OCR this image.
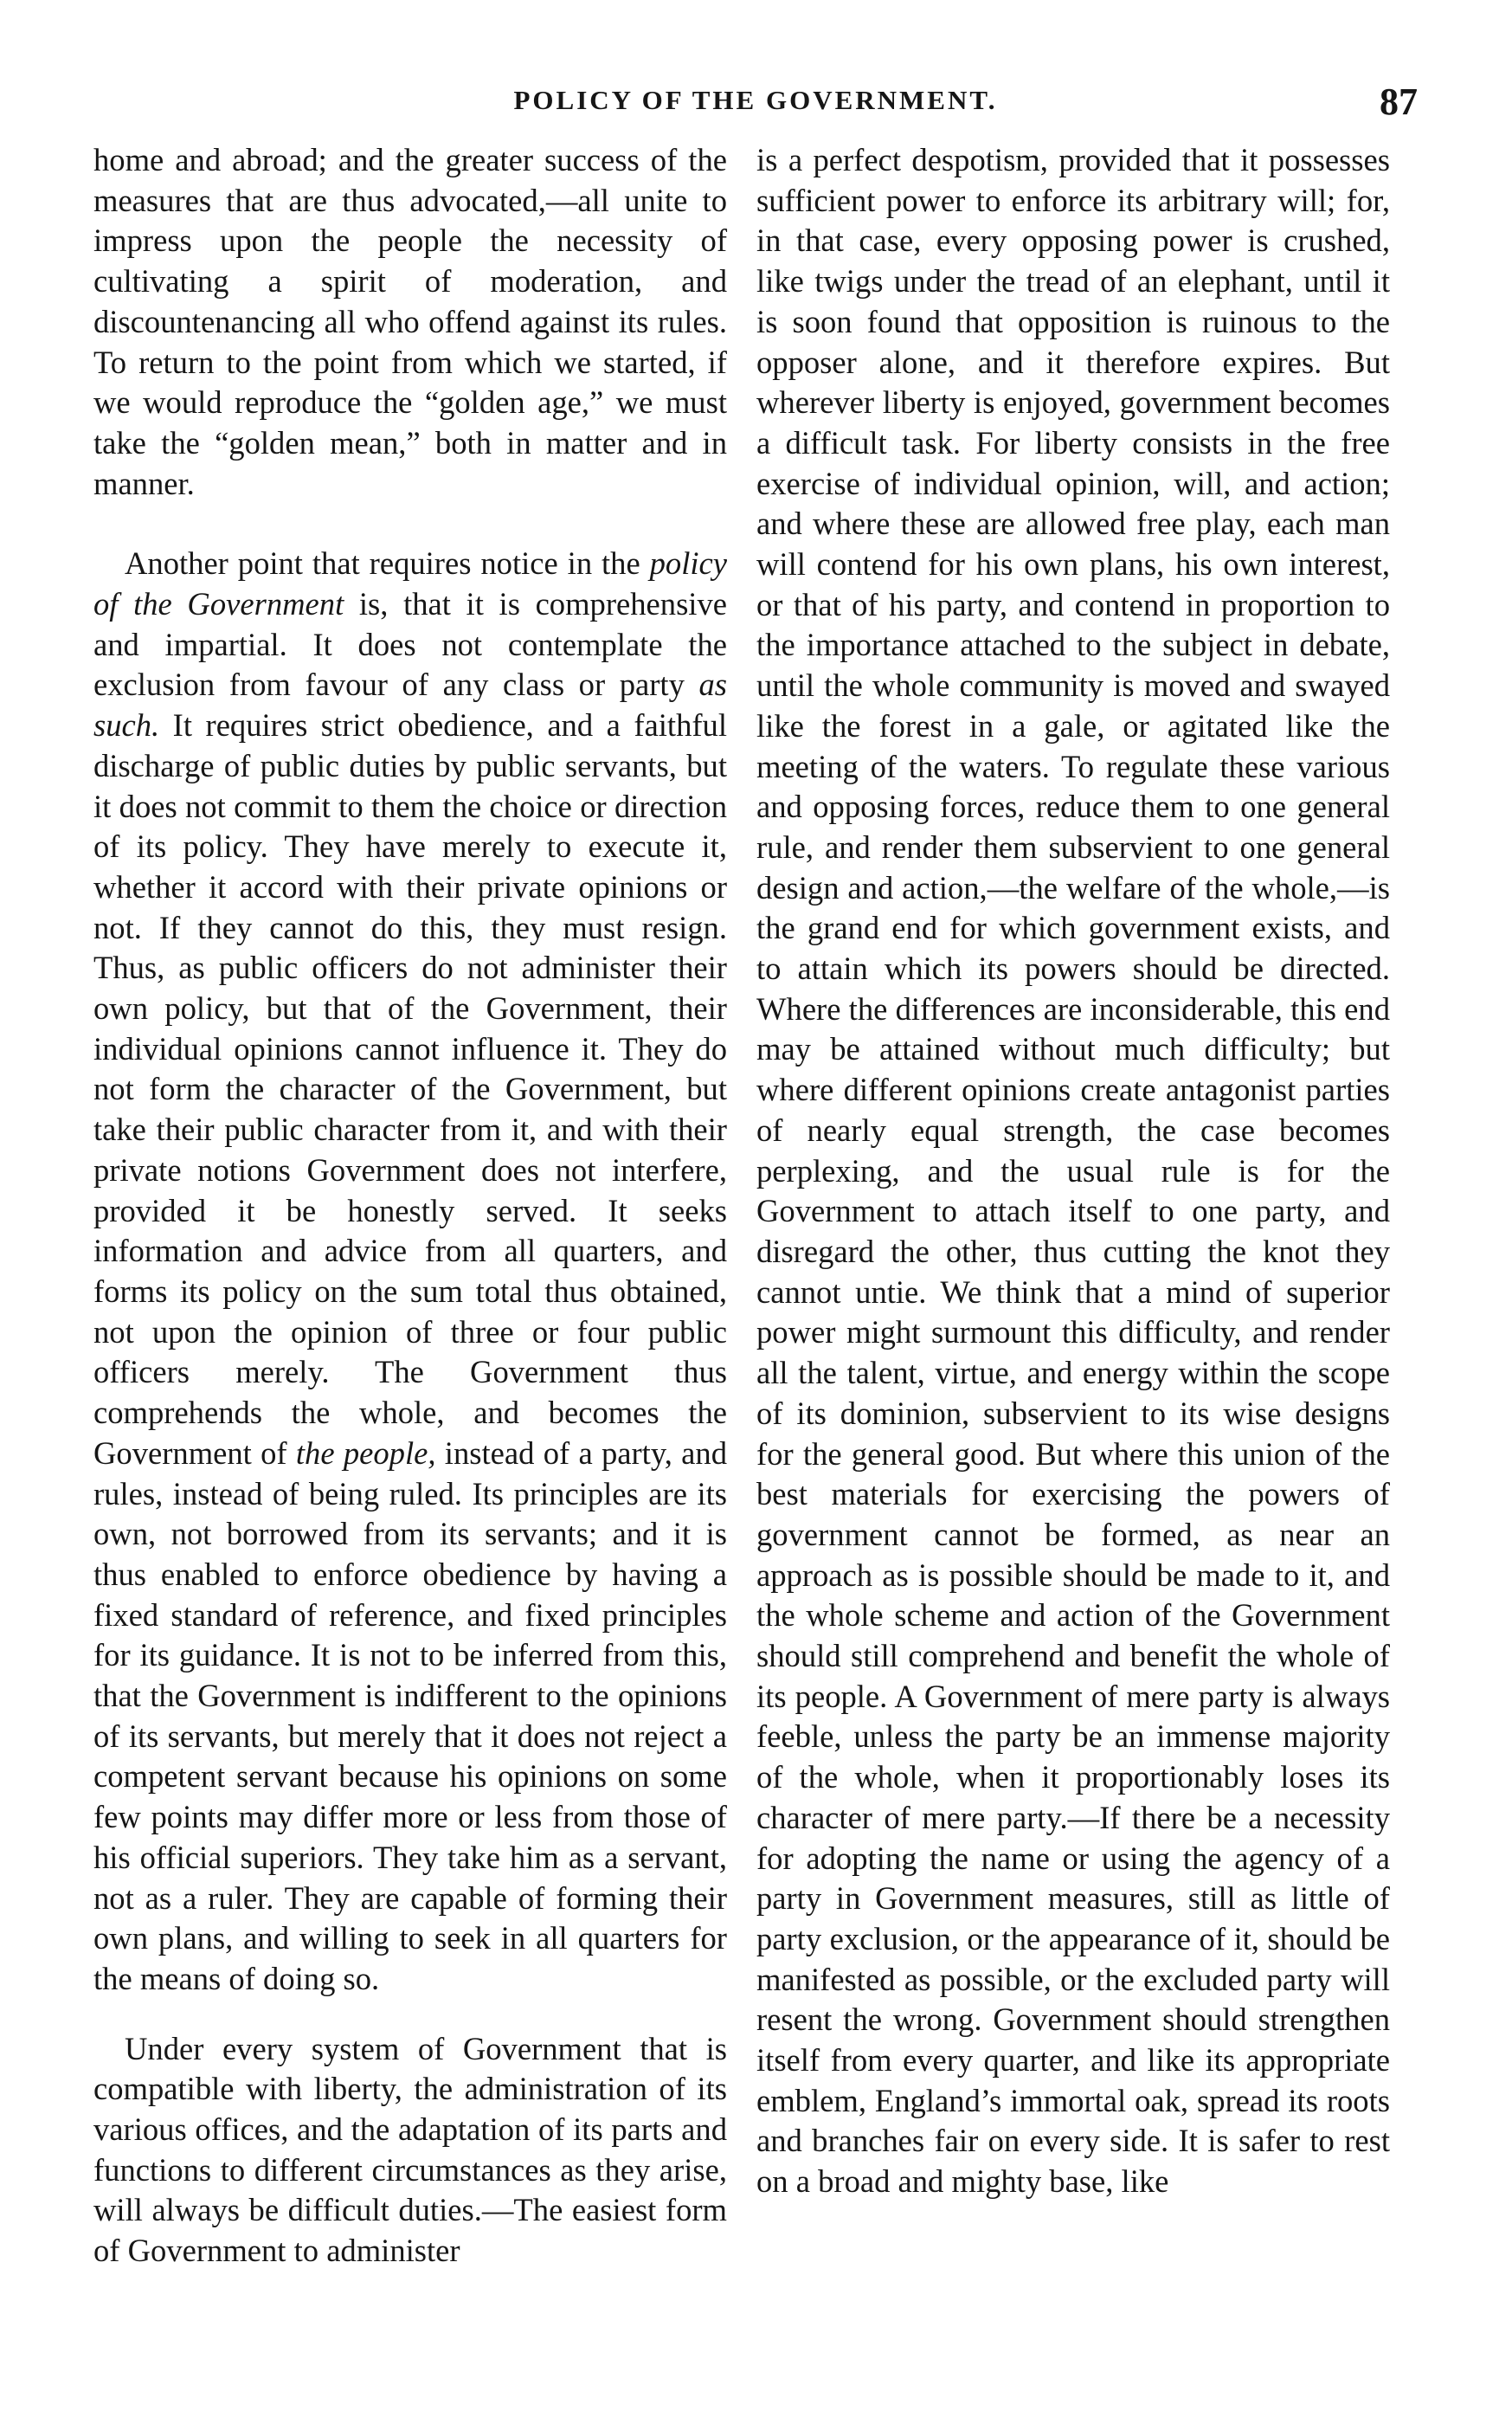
POLICY OF THE GOVERNMENT.	87

home and abroad; and the greater success of the measures that are thus advocated,—all unite to impress upon the people the necessity of cultivating a spirit of moderation, and discountenancing all who offend against its rules. To return to the point from which we started, if we would reproduce the “golden age,” we must take the “golden mean,” both in matter and in manner.

Another point that requires notice in the policy of the Government is, that it is comprehensive and impartial. It does not contemplate the exclusion from favour of any class or party as such. It requires strict obedience, and a faithful discharge of public duties by public servants, but it does not commit to them the choice or direction of its policy. They have merely to execute it, whether it accord with their private opinions or not. If they cannot do this, they must resign. Thus, as public officers do not administer their own policy, but that of the Government, their individual opinions cannot influence it. They do not form the character of the Government, but take their public character from it, and with their private notions Government does not interfere, provided it be honestly served. It seeks information and advice from all quarters, and forms its policy on the sum total thus obtained, not upon the opinion of three or four public officers merely. The Government thus comprehends the whole, and becomes the Government of the people, instead of a party, and rules, instead of being ruled. Its principles are its own, not borrowed from its servants; and it is thus enabled to enforce obedience by having a fixed standard of reference, and fixed principles for its guidance. It is not to be inferred from this, that the Government is indifferent to the opinions of its servants, but merely that it does not reject a competent servant because his opinions on some few points may differ more or less from those of his official superiors. They take him as a servant, not as a ruler. They are capable of forming their own plans, and willing to seek in all quarters for the means of doing so.

Under every system of Government that is compatible with liberty, the administration of its various offices, and the adaptation of its parts and functions to different circumstances as they arise, will always be difficult duties.—The easiest form of Government to administer

is a perfect despotism, provided that it possesses sufficient power to enforce its arbitrary will; for, in that case, every opposing power is crushed, like twigs under the tread of an elephant, until it is soon found that opposition is ruinous to the opposer alone, and it therefore expires. But wherever liberty is enjoyed, government becomes a difficult task. For liberty consists in the free exercise of individual opinion, will, and action; and where these are allowed free play, each man will contend for his own plans, his own interest, or that of his party, and contend in proportion to the importance attached to the subject in debate, until the whole community is moved and swayed like the forest in a gale, or agitated like the meeting of the waters. To regulate these various and opposing forces, reduce them to one general rule, and render them subservient to one general design and action,—the welfare of the whole,—is the grand end for which government exists, and to attain which its powers should be directed. Where the differences are inconsiderable, this end may be attained without much difficulty; but where different opinions create antagonist parties of nearly equal strength, the case becomes perplexing, and the usual rule is for the Government to attach itself to one party, and disregard the other, thus cutting the knot they cannot untie. We think that a mind of superior power might surmount this difficulty, and render all the talent, virtue, and energy within the scope of its dominion, subservient to its wise designs for the general good. But where this union of the best materials for exercising the powers of government cannot be formed, as near an approach as is possible should be made to it, and the whole scheme and action of the Government should still comprehend and benefit the whole of its people. A Government of mere party is always feeble, unless the party be an immense majority of the whole, when it proportionably loses its character of mere party.—If there be a necessity for adopting the name or using the agency of a party in Government measures, still as little of party exclusion, or the appearance of it, should be manifested as possible, or the excluded party will resent the wrong. Government should strengthen itself from every quarter, and like its appropriate emblem, England’s immortal oak, spread its roots and branches fair on every side. It is safer to rest on a broad and mighty base, like
